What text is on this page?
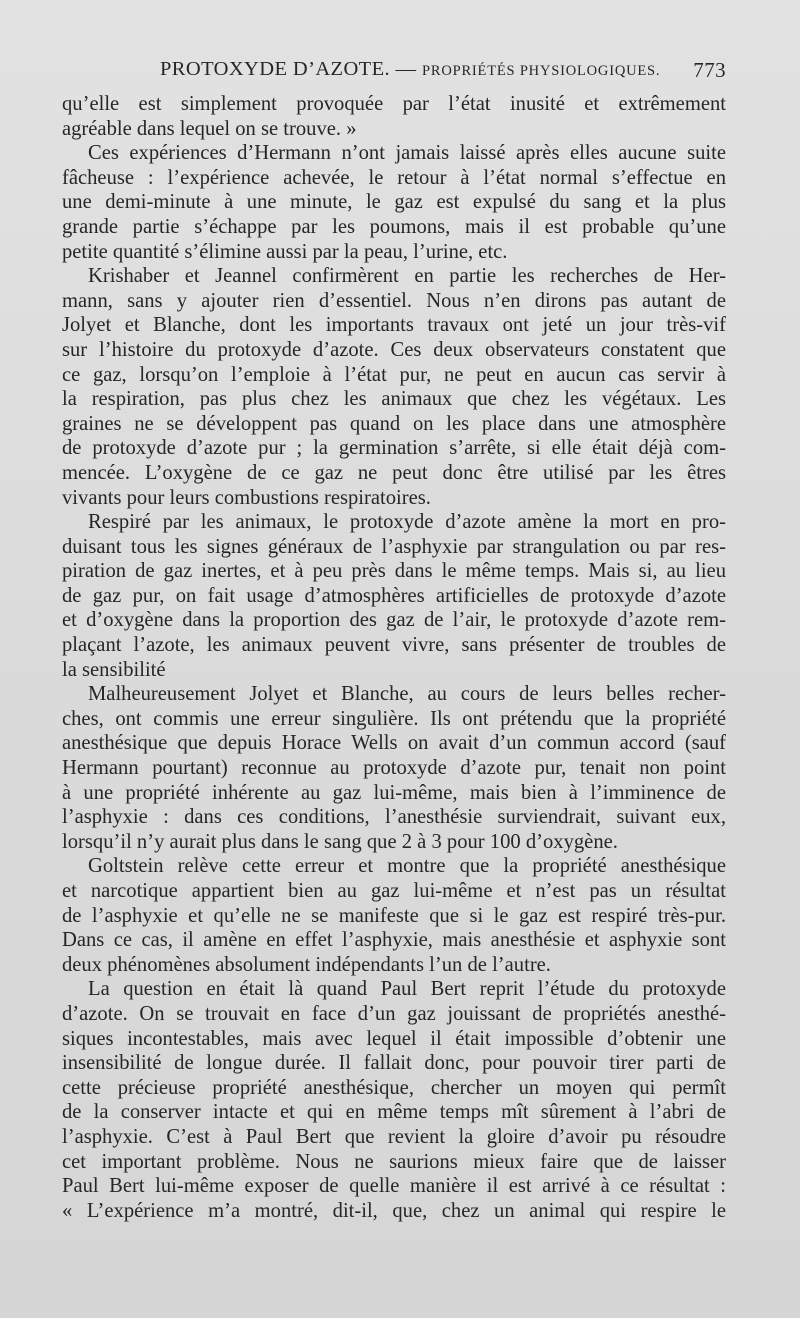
PROTOXYDE D’AZOTE. — PROPRIÉTÉS PHYSIOLOGIQUES. 773
qu’elle est simplement provoquée par l’état inusité et extrêmement
agréable dans lequel on se trouve. »
Ces expériences d’Hermann n’ont jamais laissé après elles aucune suite
fâcheuse : l’expérience achevée, le retour à l’état normal s’effectue en
une demi-minute à une minute, le gaz est expulsé du sang et la plus
grande partie s’échappe par les poumons, mais il est probable qu’une
petite quantité s’élimine aussi par la peau, l’urine, etc.
Krishaber et Jeannel confirmèrent en partie les recherches de Her-
mann, sans y ajouter rien d’essentiel. Nous n’en dirons pas autant de
Jolyet et Blanche, dont les importants travaux ont jeté un jour très-vif
sur l’histoire du protoxyde d’azote. Ces deux observateurs constatent que
ce gaz, lorsqu’on l’emploie à l’état pur, ne peut en aucun cas servir à
la respiration, pas plus chez les animaux que chez les végétaux. Les
graines ne se développent pas quand on les place dans une atmosphère
de protoxyde d’azote pur ; la germination s’arrête, si elle était déjà com-
mencée. L’oxygène de ce gaz ne peut donc être utilisé par les êtres
vivants pour leurs combustions respiratoires.
Respiré par les animaux, le protoxyde d’azote amène la mort en pro-
duisant tous les signes généraux de l’asphyxie par strangulation ou par res-
piration de gaz inertes, et à peu près dans le même temps. Mais si, au lieu
de gaz pur, on fait usage d’atmosphères artificielles de protoxyde d’azote
et d’oxygène dans la proportion des gaz de l’air, le protoxyde d’azote rem-
plaçant l’azote, les animaux peuvent vivre, sans présenter de troubles de
la sensibilité
Malheureusement Jolyet et Blanche, au cours de leurs belles recher-
ches, ont commis une erreur singulière. Ils ont prétendu que la propriété
anesthésique que depuis Horace Wells on avait d’un commun accord (sauf
Hermann pourtant) reconnue au protoxyde d’azote pur, tenait non point
à une propriété inhérente au gaz lui-même, mais bien à l’imminence de
l’asphyxie : dans ces conditions, l’anesthésie surviendrait, suivant eux,
lorsqu’il n’y aurait plus dans le sang que 2 à 3 pour 100 d’oxygène.
Goltstein relève cette erreur et montre que la propriété anesthésique
et narcotique appartient bien au gaz lui-même et n’est pas un résultat
de l’asphyxie et qu’elle ne se manifeste que si le gaz est respiré très-pur.
Dans ce cas, il amène en effet l’asphyxie, mais anesthésie et asphyxie sont
deux phénomènes absolument indépendants l’un de l’autre.
La question en était là quand Paul Bert reprit l’étude du protoxyde
d’azote. On se trouvait en face d’un gaz jouissant de propriétés anesthé-
siques incontestables, mais avec lequel il était impossible d’obtenir une
insensibilité de longue durée. Il fallait donc, pour pouvoir tirer parti de
cette précieuse propriété anesthésique, chercher un moyen qui permît
de la conserver intacte et qui en même temps mît sûrement à l’abri de
l’asphyxie. C’est à Paul Bert que revient la gloire d’avoir pu résoudre
cet important problème. Nous ne saurions mieux faire que de laisser
Paul Bert lui-même exposer de quelle manière il est arrivé à ce résultat :
« L’expérience m’a montré, dit-il, que, chez un animal qui respire le
